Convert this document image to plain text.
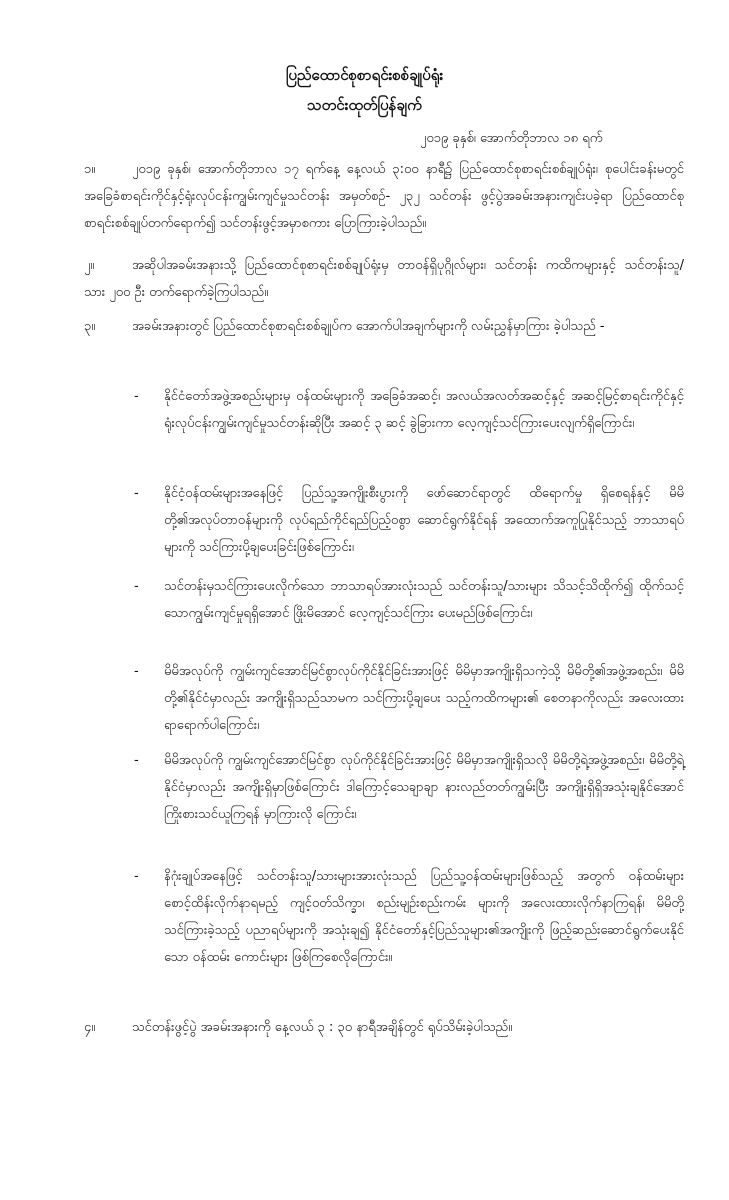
ပြည်ထောင်စုစာရင်းစစ်ချုပ်ရုံး
သတင်းထုတ်ပြန်ချက်
၂၀၁၉ ခုနှစ်၊ အောက်တိုဘာလ ၁၈ ရက်
၁။	၂၀၁၉ ခုနှစ်၊ အောက်တိုဘာလ ၁၇ ရက်နေ့ နေ့လယ် ၃:၀၀ နာရီ၌ ပြည်ထောင်စုစာရင်းစစ်ချုပ်ရုံး၊ စုပေါင်းခန်းမတွင် အခြေခံစာရင်းကိုင်နှင့်ရုံးလုပ်ငန်းကျွမ်းကျင်မှုသင်တန်း အမှတ်စဉ်- ၂၃၂ သင်တန်း ဖွင့်ပွဲအခမ်းအနားကျင်းပခဲ့ရာ ပြည်ထောင်စုစာရင်းစစ်ချုပ်တက်ရောက်၍ သင်တန်းဖွင့်အမှာစကား ပြောကြားခဲ့ပါသည်။
၂။	အဆိုပါအခမ်းအနားသို့ ပြည်ထောင်စုစာရင်းစစ်ချုပ်ရုံးမှ တာဝန်ရှိပုဂ္ဂိုလ်များ၊ သင်တန်း ကထိကများနှင့် သင်တန်းသူ/ သား ၂၀၀ ဦး တက်ရောက်ခဲ့ကြပါသည်။
၃။	အခမ်းအနားတွင် ပြည်ထောင်စုစာရင်းစစ်ချုပ်က အောက်ပါအချက်များကို လမ်းညွှန်မှာကြား ခဲ့ပါသည် -
- နိုင်ငံတော်အဖွဲ့အစည်းများမှ ဝန်ထမ်းများကို အခြေခံအဆင့်၊ အလယ်အလတ်အဆင့်နှင့် အဆင့်မြင့်စာရင်းကိုင်နှင့်ရုံးလုပ်ငန်းကျွမ်းကျင်မှုသင်တန်းဆိုပြီး အဆင့် ၃ ဆင့် ခွဲခြားကာ လေ့ကျင့်သင်ကြားပေးလျက်ရှိကြောင်း၊
- နိုင်ငံ့ဝန်ထမ်းများအနေဖြင့် ပြည်သူ့အကျိုးစီးပွားကို ဖော်ဆောင်ရာတွင် ထိရောက်မှု ရှိစေရန်နှင့် မိမိတို့၏အလုပ်တာဝန်များကို လုပ်ရည်ကိုင်ရည်ပြည့်ဝစွာ ဆောင်ရွက်နိုင်ရန် အထောက်အကူပြုနိုင်သည့် ဘာသာရပ်များကို သင်ကြားပို့ချပေးခြင်းဖြစ်ကြောင်း၊
- သင်တန်းမှသင်ကြားပေးလိုက်သော ဘာသာရပ်အားလုံးသည် သင်တန်းသူ/သားများ သိသင့်သိထိုက်၍ ထိုက်သင့်သောကျွမ်းကျင်မှုရရှိအောင် ဖြိုးမိအောင် လေ့ကျင့်သင်ကြား ပေးမည်ဖြစ်ကြောင်း၊
- မိမိအလုပ်ကို ကျွမ်းကျင်အောင်မြင်စွာလုပ်ကိုင်နိုင်ခြင်းအားဖြင့် မိမိမှာအကျိုးရှိသကဲ့သို့ မိမိတို့၏အဖွဲ့အစည်း၊ မိမိတို့၏နိုင်ငံမှာလည်း အကျိုးရှိသည်သာမက သင်ကြားပို့ချပေး သည့်ကထိကများ၏ စေတနာကိုလည်း အလေးထားရာရောက်ပါကြောင်း၊
- မိမိအလုပ်ကို ကျွမ်းကျင်အောင်မြင်စွာ လုပ်ကိုင်နိုင်ခြင်းအားဖြင့် မိမိမှာအကျိုးရှိသလို မိမိတို့ရဲ့အဖွဲ့အစည်း၊ မိမိတို့ရဲ့နိုင်ငံမှာလည်း အကျိုးရှိမှာဖြစ်ကြောင်း ဒါကြောင့်သေချာချာ နားလည်တတ်ကျွမ်းပြီး အကျိုးရှိရှိအသုံးချနိုင်အောင် ကြိုးစားသင်ယူကြရန် မှာကြားလို ကြောင်း၊
- နိဂုံးချုပ်အနေဖြင့် သင်တန်းသူ/သားများအားလုံးသည် ပြည်သူ့ဝန်ထမ်းများဖြစ်သည့် အတွက် ဝန်ထမ်းများ စောင့်ထိန်းလိုက်နာရမည့် ကျင့်ဝတ်သိက္ခာ၊ စည်းမျဉ်းစည်းကမ်း များကို အလေးထားလိုက်နာကြရန်၊ မိမိတို့သင်ကြားခဲ့သည့် ပညာရပ်များကို အသုံးချ၍ နိုင်ငံတော်နှင့်ပြည်သူများ၏အကျိုးကို ဖြည့်ဆည်းဆောင်ရွက်ပေးနိုင်သော ဝန်ထမ်း ကောင်းများ ဖြစ်ကြစေလိုကြောင်း။
၄။	သင်တန်းဖွင့်ပွဲ အခမ်းအနားကို နေ့လယ် ၃ : ၃၀ နာရီအချိန်တွင် ရုပ်သိမ်းခဲ့ပါသည်။
